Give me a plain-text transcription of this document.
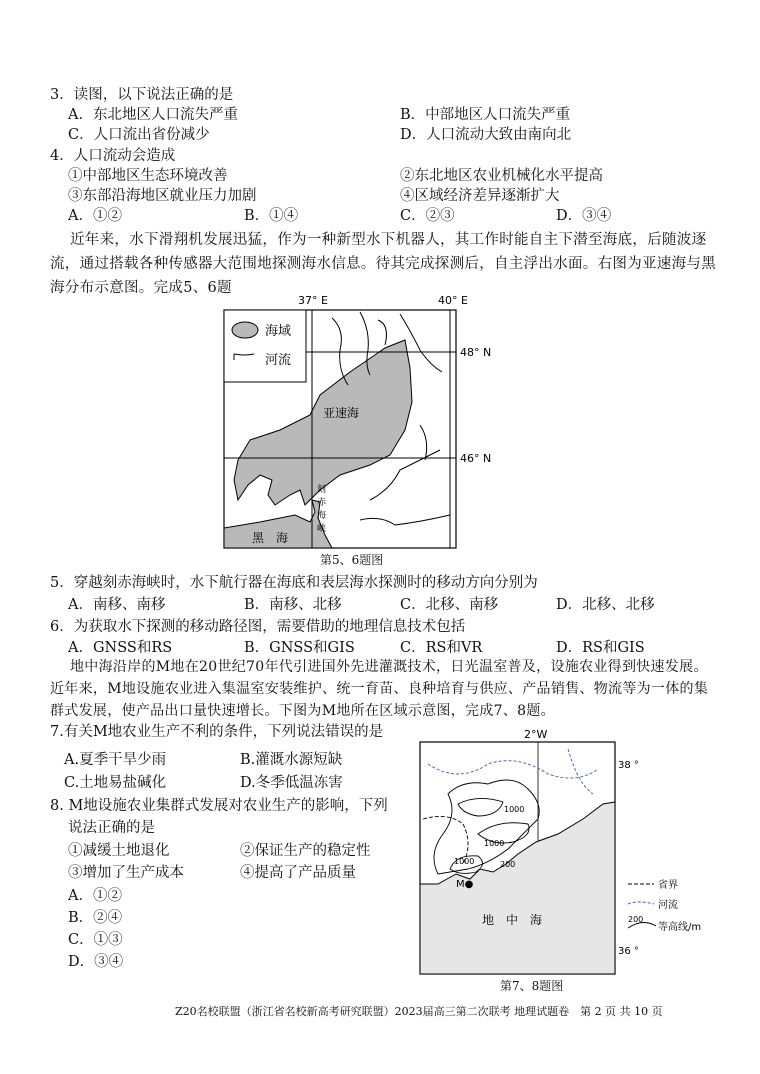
3．读图，以下说法正确的是
A．东北地区人口流失严重	B．中部地区人口流失严重
C．人口流出省份减少	D．人口流动大致由南向北
4．人口流动会造成
①中部地区生态环境改善	②东北地区农业机械化水平提高
③东部沿海地区就业压力加剧	④区域经济差异逐渐扩大
A．①②	B．①④	C．②③	D．③④
近年来，水下滑翔机发展迅猛，作为一种新型水下机器人，其工作时能自主下潜至海底，后随波逐流，通过搭载各种传感器大范围地探测海水信息。待其完成探测后，自主浮出水面。右图为亚速海与黑海分布示意图。完成5、6题
37° E	40° E
海域
河流
48° N
46° N
亚速海
黑　海
刻
赤
海
峡
第5、6题图
5．穿越刻赤海峡时，水下航行器在海底和表层海水探测时的移动方向分别为
A．南移、南移	B．南移、北移	C．北移、南移	D．北移、北移
6．为获取水下探测的移动路径图，需要借助的地理信息技术包括
A．GNSS和RS	B．GNSS和GIS	C．RS和VR	D．RS和GIS
地中海沿岸的M地在20世纪70年代引进国外先进灌溉技术，日光温室普及，设施农业得到快速发展。近年来，M地设施农业进入集温室安装维护、统一育苗、良种培育与供应、产品销售、物流等为一体的集群式发展，使产品出口量快速增长。下图为M地所在区域示意图，完成7、8题。
7.有关M地农业生产不利的条件，下列说法错误的是
A.夏季干旱少雨	B.灌溉水源短缺
C.土地易盐碱化	D.冬季低温冻害
8. M地设施农业集群式发展对农业生产的影响，下列
说法正确的是
①减缓土地退化	②保证生产的稳定性
③增加了生产成本	④提高了产品质量
A．①②
B．②④
C．①③
D．③④
2°W
1000
1000
1000	200
M●
地　中　海
38 °
36 °
省界
河流
200
等高线/m
第7、8题图
Z20名校联盟（浙江省名校新高考研究联盟）2023届高三第二次联考 地理试题卷　第 2 页 共 10 页
